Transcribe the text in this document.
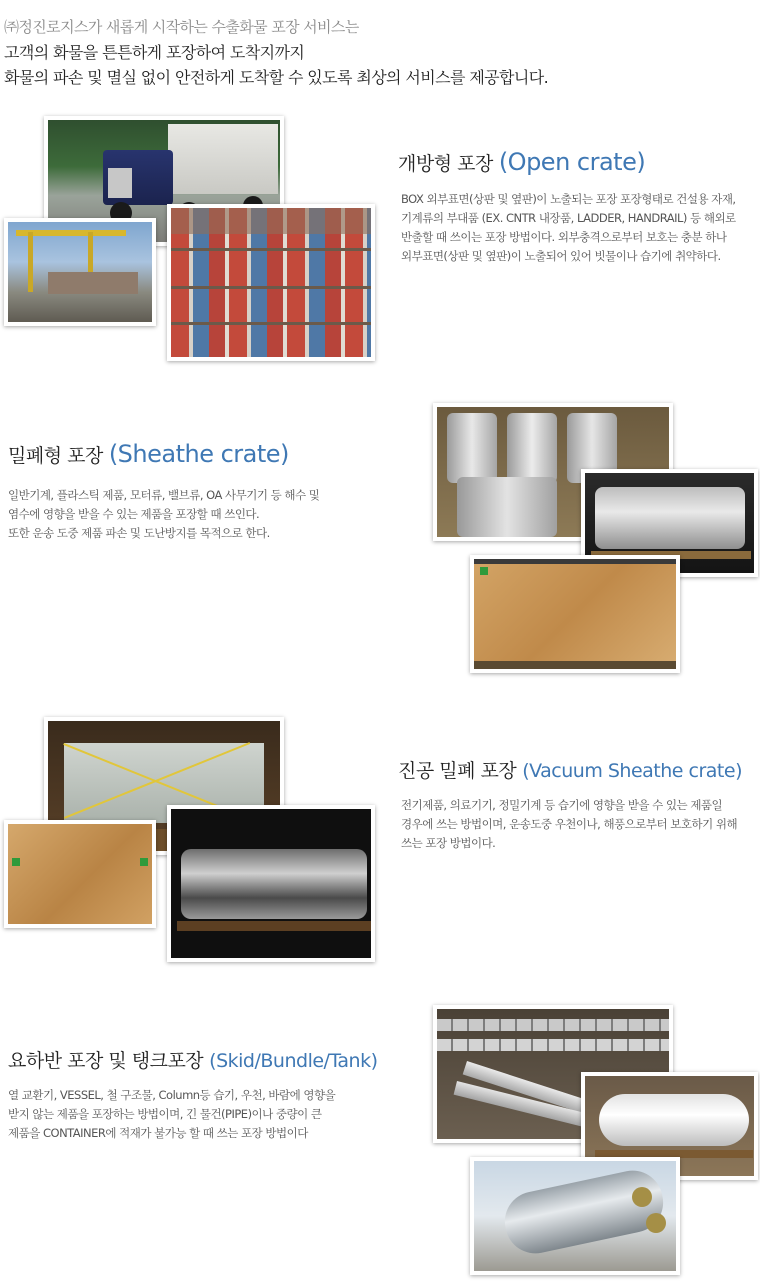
㈜정진로지스가 새롭게 시작하는 수출화물 포장 서비스는
고객의 화물을 튼튼하게 포장하여 도착지까지
화물의 파손 및 멸실 없이 안전하게 도착할 수 있도록 최상의 서비스를 제공합니다.
개방형 포장 (Open crate)
BOX 외부표면(상판 및 옆판)이 노출되는 포장 포장형태로 건설용 자재,
기계류의 부대품 (EX. CNTR 내장품, LADDER, HANDRAIL) 등 해외로
반출할 때 쓰이는 포장 방법이다. 외부충격으로부터 보호는 충분 하나
외부표면(상판 및 옆판)이 노출되어 있어 빗물이나 습기에 취약하다.
밀폐형 포장 (Sheathe crate)
일반기계, 플라스틱 제품, 모터류, 밸브류, OA 사무기기 등 해수 및
염수에 영향을 받을 수 있는 제품을 포장할 때 쓰인다.
또한 운송 도중 제품 파손 및 도난방지를 목적으로 한다.
진공 밀폐 포장 (Vacuum Sheathe crate)
전기제품, 의료기기, 정밀기계 등 습기에 영향을 받을 수 있는 제품일
경우에 쓰는 방법이며, 운송도중 우천이나, 해풍으로부터 보호하기 위해
쓰는 포장 방법이다.
요하반 포장 및 탱크포장 (Skid/Bundle/Tank)
열 교환기, VESSEL, 철 구조물, Column등 습기, 우천, 바람에 영향을
받지 않는 제품을 포장하는 방법이며, 긴 물건(PIPE)이나 중량이 큰
제품을 CONTAINER에 적재가 불가능 할 때 쓰는 포장 방법이다
